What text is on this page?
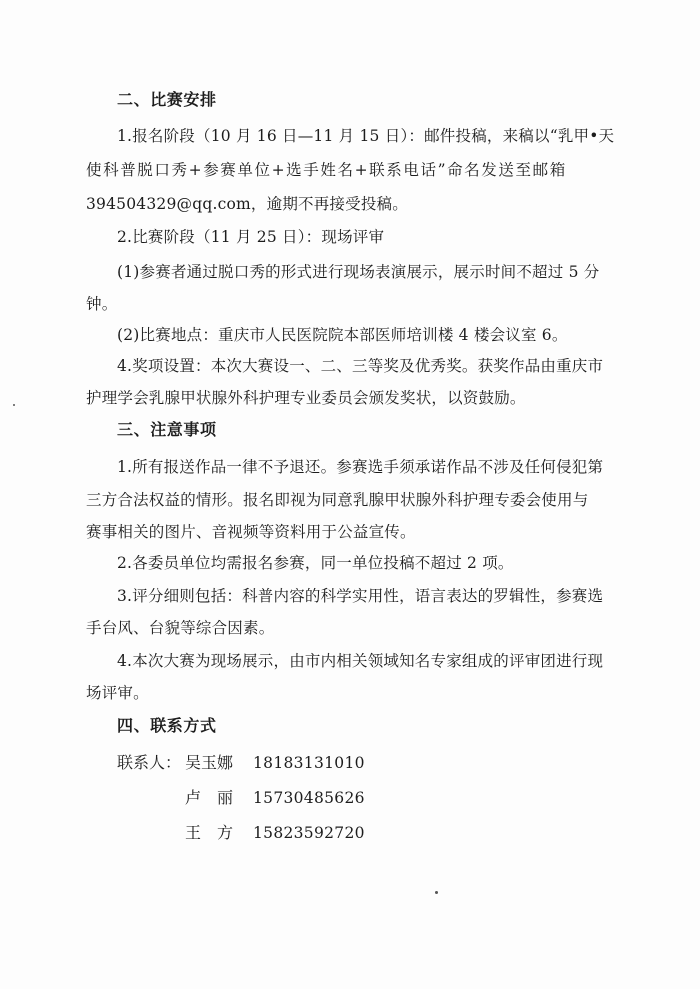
二、比赛安排
1.报名阶段（10 月 16 日—11 月 15 日）：邮件投稿，来稿以“乳甲•天
使科普脱口秀+参赛单位+选手姓名+联系电话”命名发送至邮箱
394504329@qq.com，逾期不再接受投稿。
2.比赛阶段（11 月 25 日）：现场评审
(1)参赛者通过脱口秀的形式进行现场表演展示，展示时间不超过 5 分
钟。
(2)比赛地点：重庆市人民医院院本部医师培训楼 4 楼会议室 6。
4.奖项设置：本次大赛设一、二、三等奖及优秀奖。获奖作品由重庆市
护理学会乳腺甲状腺外科护理专业委员会颁发奖状，以资鼓励。
三、注意事项
1.所有报送作品一律不予退还。参赛选手须承诺作品不涉及任何侵犯第
三方合法权益的情形。报名即视为同意乳腺甲状腺外科护理专委会使用与
赛事相关的图片、音视频等资料用于公益宣传。
2.各委员单位均需报名参赛，同一单位投稿不超过 2 项。
3.评分细则包括：科普内容的科学实用性，语言表达的罗辑性，参赛选
手台风、台貌等综合因素。
4.本次大赛为现场展示，由市内相关领域知名专家组成的评审团进行现
场评审。
四、联系方式
联系人： 吴玉娜 18183131010
卢　丽 15730485626
王　方 15823592720
